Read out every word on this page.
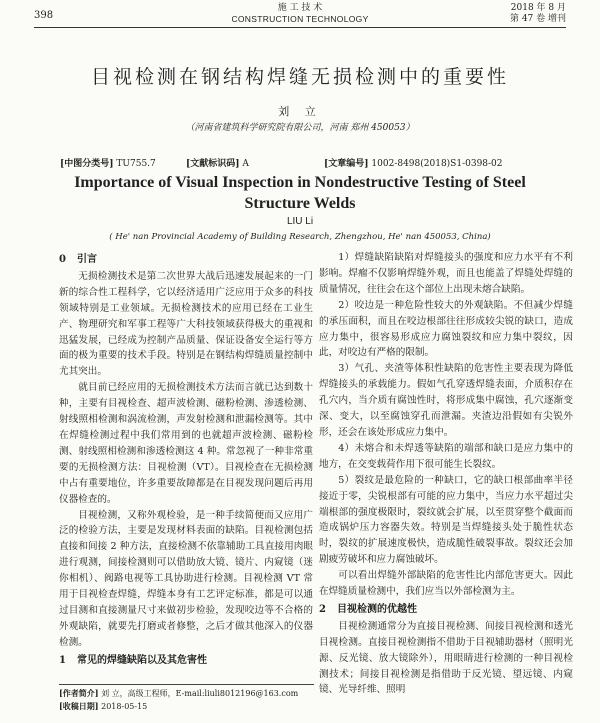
398
施 工 技 术
CONSTRUCTION TECHNOLOGY
2018 年 8 月
第 47 卷 增刊
目视检测在钢结构焊缝无损检测中的重要性
刘 立
（河南省建筑科学研究院有限公司，河南 郑州 450053）
[中图分类号] TU755.7	[文献标识码] A	[文章编号] 1002-8498(2018)S1-0398-02
Importance of Visual Inspection in Nondestructive Testing of Steel Structure Welds
LIU Li
( He' nan Provincial Academy of Building Research, Zhengzhou, He' nan 450053, China)

0 引言

无损检测技术是第二次世界大战后迅速发展起来的一门新的综合性工程科学，它以经济适用广泛应用于众多的科技领域特别是工业领域。无损检测技术的应用已经在工业生产、物理研究和军事工程等广大科技领域获得极大的重视和迅猛发展，已经成为控制产品质量、保证设备安全运行等方面的极为重要的技术手段。特别是在钢结构焊缝质量控制中尤其突出。

就目前已经应用的无损检测技术方法而言就已达到数十种，主要有目视检查、超声波检测、磁粉检测、渗透检测、射线照相检测和涡流检测，声发射检测和泄漏检测等。其中在焊缝检测过程中我们常用到的也就超声波检测、磁粉检测、射线照相检测和渗透检测这 4 种。常忽视了一种非常重要的无损检测方法：目视检测（VT）。目视检查在无损检测中占有重要地位，许多重要故障都是在目视发现问题后再用仪器检查的。

目视检测，又称外观检验，是一种手续简便而又应用广泛的检验方法，主要是发现材料表面的缺陷。目视检测包括直接和间接 2 种方法，直接检测不依靠辅助工具直接用肉眼进行观测，间接检测则可以借助放大镜、镜片、内窥镜（迷你相机）、阀路电视等工具协助进行检测。目视检测 VT 常用于目视检查焊缝，焊缝本身有工艺评定标准，都是可以通过目测和直接测量尺寸来做初步检验，发现咬边等不合格的外观缺陷，就要先打磨或者修整，之后才做其他深入的仪器检测。

1 常见的焊缝缺陷以及其危害性

1）焊缝缺陷缺陷对焊缝接头的强度和应力水平有不利影响。焊瘤不仅影响焊缝外观，而且也能盖了焊缝处焊缝的质量情况，往往会在这个部位上出现未熔合缺陷。

2）咬边是一种危险性较大的外观缺陷。不但减少焊缝的承压面积，而且在咬边根部往往形成较尖锐的缺口，造成应力集中，很容易形成应力腐蚀裂纹和应力集中裂纹，因此，对咬边有严格的限制。

3）气孔、夹渣等体积性缺陷的危害性主要表现为降低焊缝接头的承载能力。假如气孔穿透焊缝表面，介质积存在孔穴内，当介质有腐蚀性时，将形成集中腐蚀，孔穴逐渐变深、变大，以至腐蚀穿孔而泄漏。夹渣边沿假如有尖锐外形，还会在该处形成应力集中。

4）未熔合和未焊透等缺陷的端部和缺口是应力集中的地方，在交变载荷作用下很可能生长裂纹。

5）裂纹是最危险的一种缺口，它的缺口根部曲率半径接近于零，尖锐根部有可能的应力集中，当应力水平超过尖端根部的强度极限时，裂纹就会扩展，以至贯穿整个截面而造成锅炉压力容器失效。特别是当焊缝接头处于脆性状态时，裂纹的扩展速度极快，造成脆性破裂事故。裂纹还会加剧疲劳破坏和应力腐蚀破坏。

可以看出焊缝外部缺陷的危害性比内部危害更大。因此在焊缝质量检测中，我们应当以外部检测为主。

2 目视检测的优越性

目视检测通常分为直接目视检测、间接目视检测和透光目视检测。直接目视检测指不借助于目视辅助器材（照明光源、反光镜、放大镜除外），用眼睛进行检测的一种目视检测技术；间接目视检测是指借助于反光镜、望远镜、内窥镜、光导纤维、照明

[作者简介] 刘 立，高级工程师，E-mail:liuli8012196@163.com
[收稿日期] 2018-05-15
